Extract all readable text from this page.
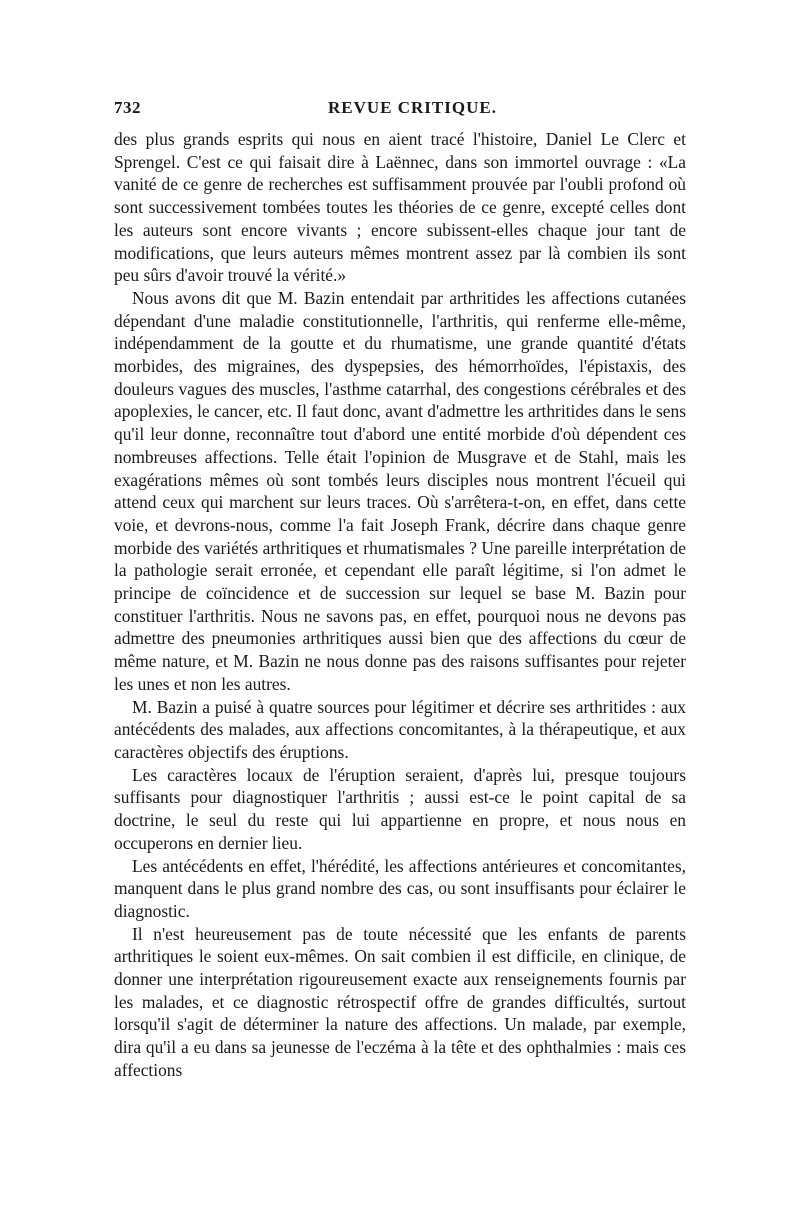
732	REVUE CRITIQUE.

des plus grands esprits qui nous en aient tracé l'histoire, Daniel Le Clerc et Sprengel. C'est ce qui faisait dire à Laënnec, dans son immortel ouvrage : «La vanité de ce genre de recherches est suffisamment prouvée par l'oubli profond où sont successivement tombées toutes les théories de ce genre, excepté celles dont les auteurs sont encore vivants ; encore subissent-elles chaque jour tant de modifications, que leurs auteurs mêmes montrent assez par là combien ils sont peu sûrs d'avoir trouvé la vérité.»

Nous avons dit que M. Bazin entendait par arthritides les affections cutanées dépendant d'une maladie constitutionnelle, l'arthritis, qui renferme elle-même, indépendamment de la goutte et du rhumatisme, une grande quantité d'états morbides, des migraines, des dyspepsies, des hémorrhoïdes, l'épistaxis, des douleurs vagues des muscles, l'asthme catarrhal, des congestions cérébrales et des apoplexies, le cancer, etc. Il faut donc, avant d'admettre les arthritides dans le sens qu'il leur donne, reconnaître tout d'abord une entité morbide d'où dépendent ces nombreuses affections. Telle était l'opinion de Musgrave et de Stahl, mais les exagérations mêmes où sont tombés leurs disciples nous montrent l'écueil qui attend ceux qui marchent sur leurs traces. Où s'arrêtera-t-on, en effet, dans cette voie, et devrons-nous, comme l'a fait Joseph Frank, décrire dans chaque genre morbide des variétés arthritiques et rhumatismales ? Une pareille interprétation de la pathologie serait erronée, et cependant elle paraît légitime, si l'on admet le principe de coïncidence et de succession sur lequel se base M. Bazin pour constituer l'arthritis. Nous ne savons pas, en effet, pourquoi nous ne devons pas admettre des pneumonies arthritiques aussi bien que des affections du cœur de même nature, et M. Bazin ne nous donne pas des raisons suffisantes pour rejeter les unes et non les autres.

M. Bazin a puisé à quatre sources pour légitimer et décrire ses arthritides : aux antécédents des malades, aux affections concomitantes, à la thérapeutique, et aux caractères objectifs des éruptions.

Les caractères locaux de l'éruption seraient, d'après lui, presque toujours suffisants pour diagnostiquer l'arthritis ; aussi est-ce le point capital de sa doctrine, le seul du reste qui lui appartienne en propre, et nous nous en occuperons en dernier lieu.

Les antécédents en effet, l'hérédité, les affections antérieures et concomitantes, manquent dans le plus grand nombre des cas, ou sont insuffisants pour éclairer le diagnostic.

Il n'est heureusement pas de toute nécessité que les enfants de parents arthritiques le soient eux-mêmes. On sait combien il est difficile, en clinique, de donner une interprétation rigoureusement exacte aux renseignements fournis par les malades, et ce diagnostic rétrospectif offre de grandes difficultés, surtout lorsqu'il s'agit de déterminer la nature des affections. Un malade, par exemple, dira qu'il a eu dans sa jeunesse de l'eczéma à la tête et des ophthalmies : mais ces affections
